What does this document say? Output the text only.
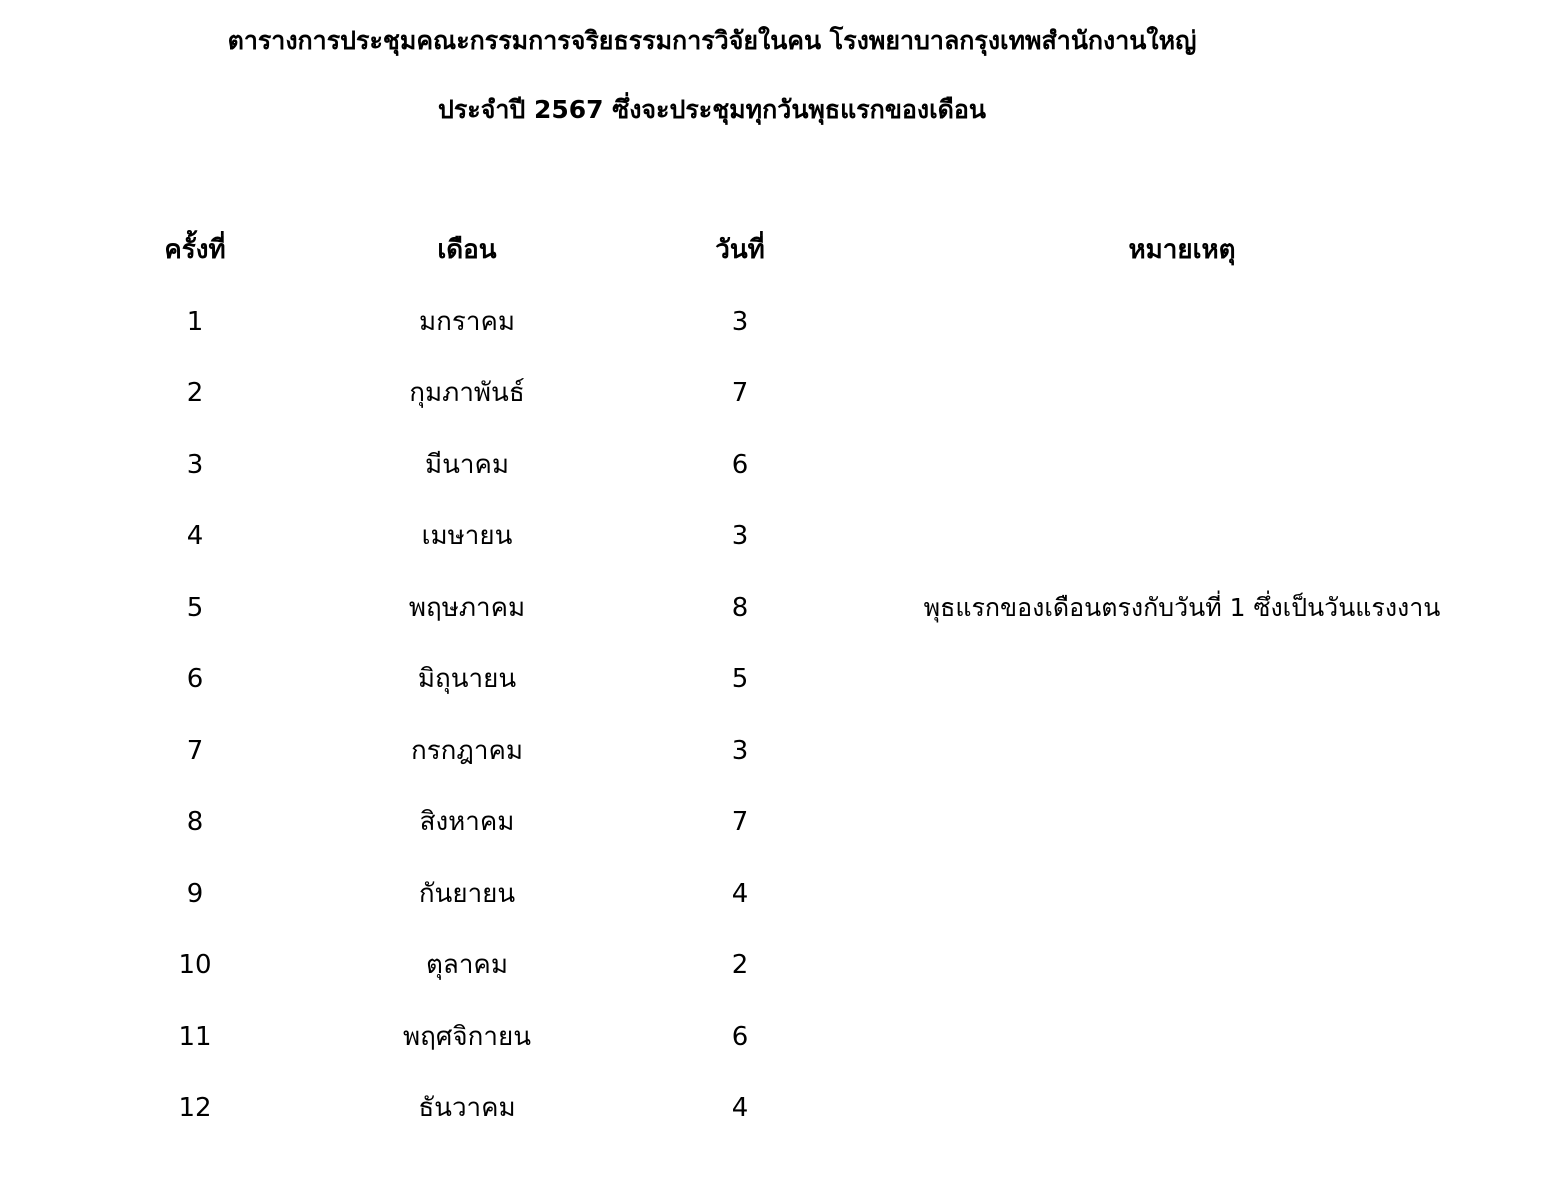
ตารางการประชุมคณะกรรมการจริยธรรมการวิจัยในคน โรงพยาบาลกรุงเทพสำนักงานใหญ่
ประจำปี 2567 ซึ่งจะประชุมทุกวันพุธแรกของเดือน
ครั้งที่	เดือน	วันที่	หมายเหตุ
1	มกราคม	3	
2	กุมภาพันธ์	7	
3	มีนาคม	6	
4	เมษายน	3	
5	พฤษภาคม	8	พุธแรกของเดือนตรงกับวันที่ 1 ซึ่งเป็นวันแรงงาน
6	มิถุนายน	5	
7	กรกฎาคม	3	
8	สิงหาคม	7	
9	กันยายน	4	
10	ตุลาคม	2	
11	พฤศจิกายน	6	
12	ธันวาคม	4	
